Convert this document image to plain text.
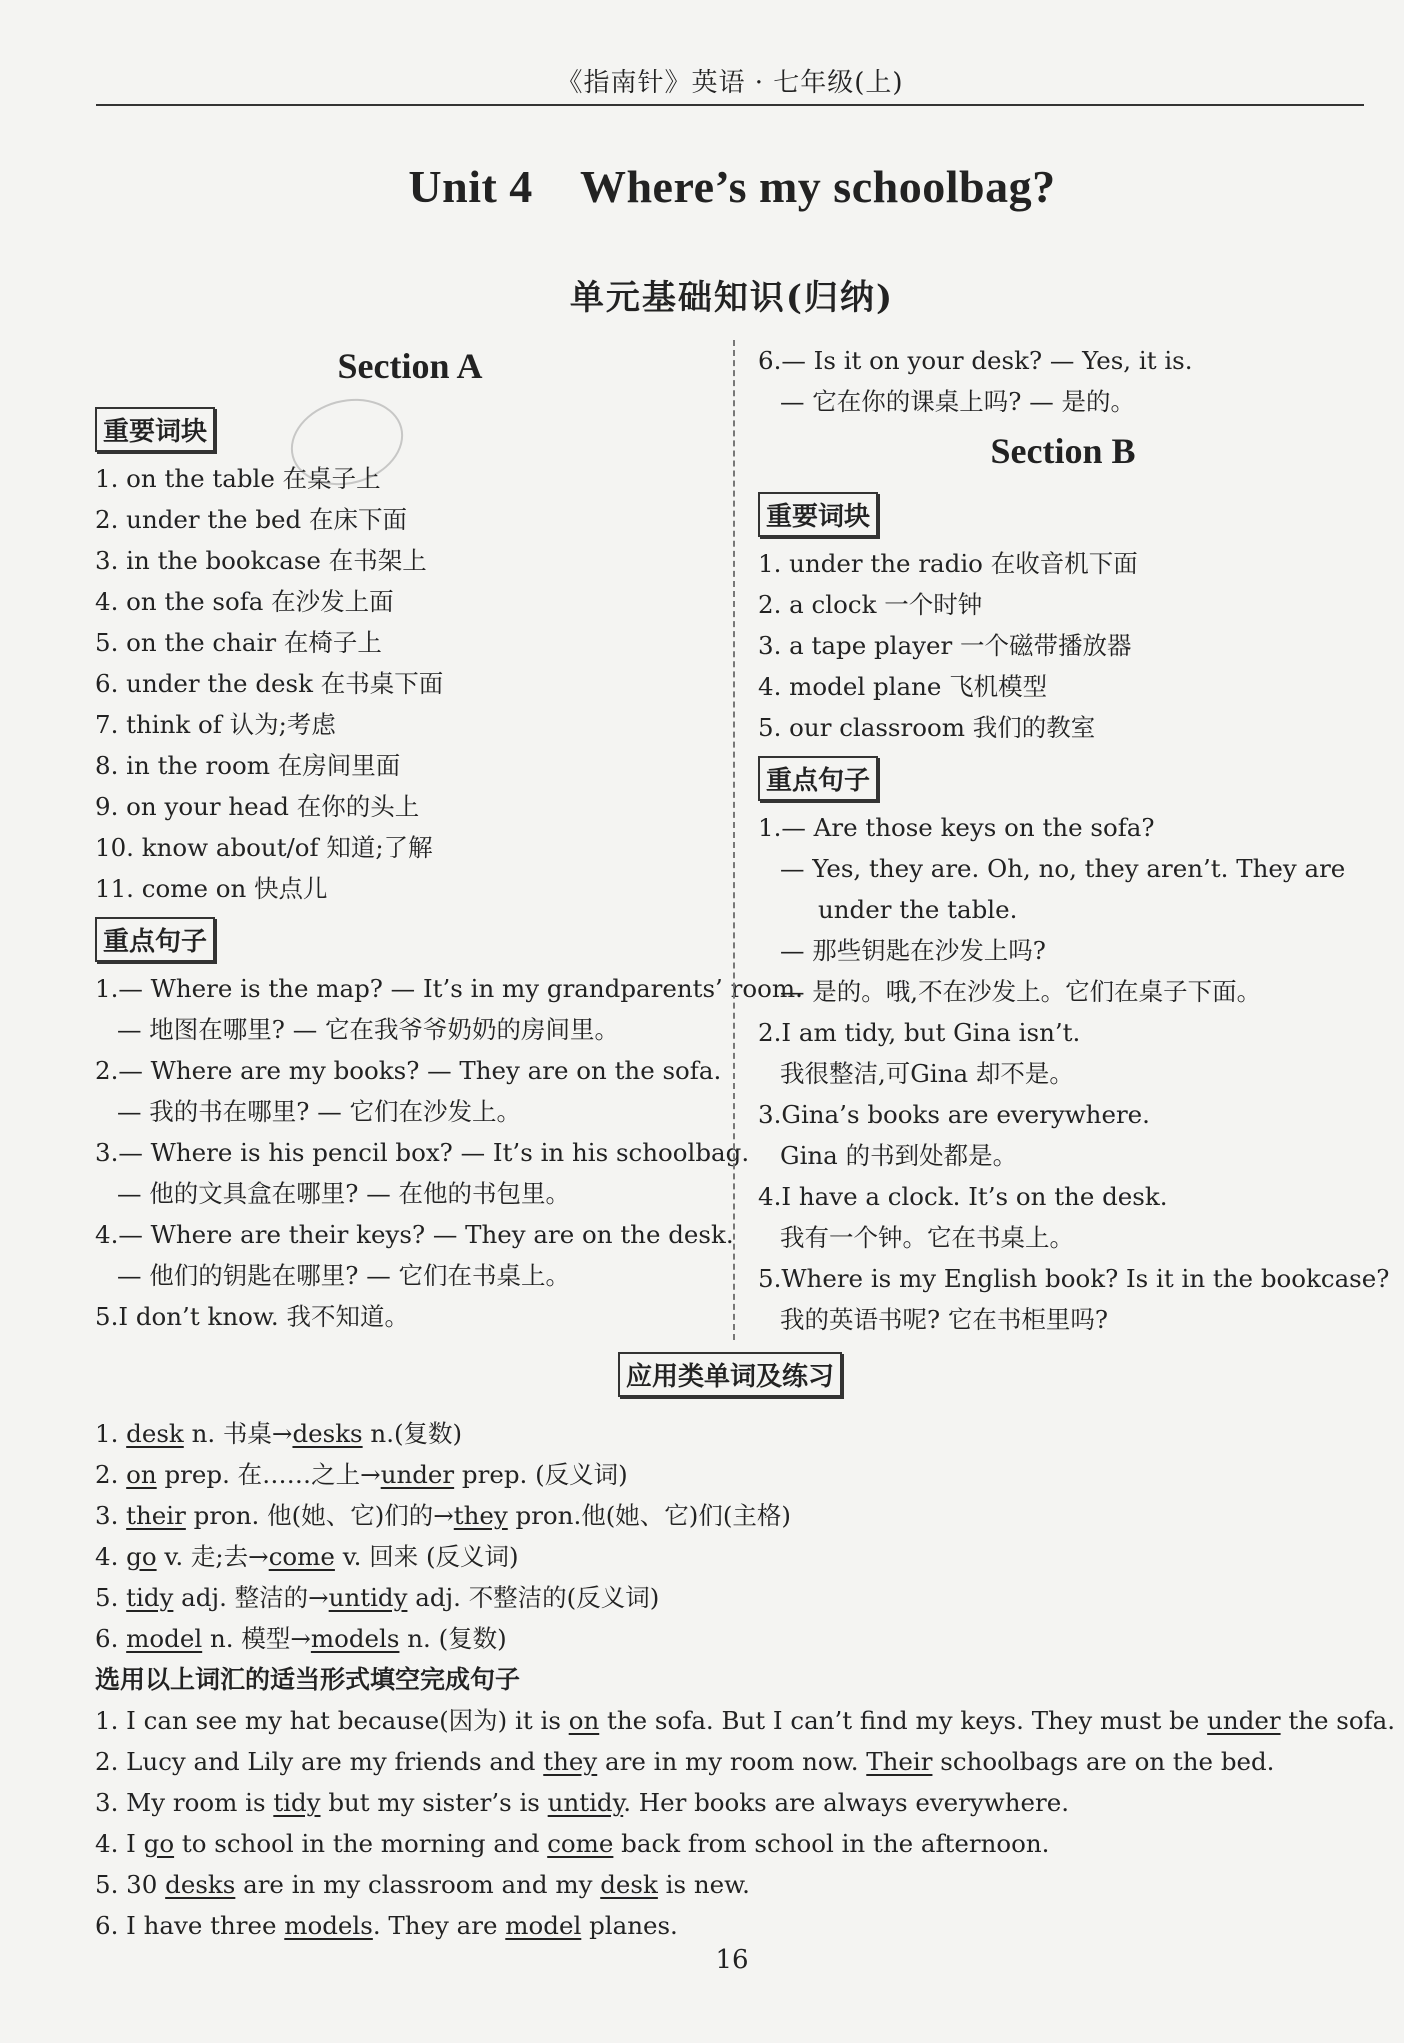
《指南针》英语 · 七年级(上)
Unit 4    Where’s my schoolbag?
单元基础知识(归纳)
Section A
重要词块
1. on the table 在桌子上
2. under the bed 在床下面
3. in the bookcase 在书架上
4. on the sofa 在沙发上面
5. on the chair 在椅子上
6. under the desk 在书桌下面
7. think of 认为;考虑
8. in the room 在房间里面
9. on your head 在你的头上
10. know about/of 知道;了解
11. come on 快点儿
重点句子
1.— Where is the map? — It’s in my grandparents’ room.
— 地图在哪里? — 它在我爷爷奶奶的房间里。
2.— Where are my books? — They are on the sofa.
— 我的书在哪里? — 它们在沙发上。
3.— Where is his pencil box? — It’s in his schoolbag.
— 他的文具盒在哪里? — 在他的书包里。
4.— Where are their keys? — They are on the desk.
— 他们的钥匙在哪里? — 它们在书桌上。
5.I don’t know. 我不知道。
6.— Is it on your desk? — Yes, it is.
— 它在你的课桌上吗? — 是的。
Section B
重要词块
1. under the radio 在收音机下面
2. a clock 一个时钟
3. a tape player 一个磁带播放器
4. model plane 飞机模型
5. our classroom 我们的教室
重点句子
1.— Are those keys on the sofa?
— Yes, they are. Oh, no, they aren’t. They are
under the table.
— 那些钥匙在沙发上吗?
— 是的。哦,不在沙发上。它们在桌子下面。
2.I am tidy, but Gina isn’t.
我很整洁,可Gina 却不是。
3.Gina’s books are everywhere.
Gina 的书到处都是。
4.I have a clock. It’s on the desk.
我有一个钟。它在书桌上。
5.Where is my English book? Is it in the bookcase?
我的英语书呢? 它在书柜里吗?
应用类单词及练习
1. desk n. 书桌→desks n.(复数)
2. on prep. 在……之上→under prep. (反义词)
3. their pron. 他(她、它)们的→they pron.他(她、它)们(主格)
4. go v. 走;去→come v. 回来 (反义词)
5. tidy adj. 整洁的→untidy adj. 不整洁的(反义词)
6. model n. 模型→models n. (复数)
选用以上词汇的适当形式填空完成句子
1. I can see my hat because(因为) it is on the sofa. But I can’t find my keys. They must be under the sofa.
2. Lucy and Lily are my friends and they are in my room now. Their schoolbags are on the bed.
3. My room is tidy but my sister’s is untidy. Her books are always everywhere.
4. I go to school in the morning and come back from school in the afternoon.
5. 30 desks are in my classroom and my desk is new.
6. I have three models. They are model planes.
16
